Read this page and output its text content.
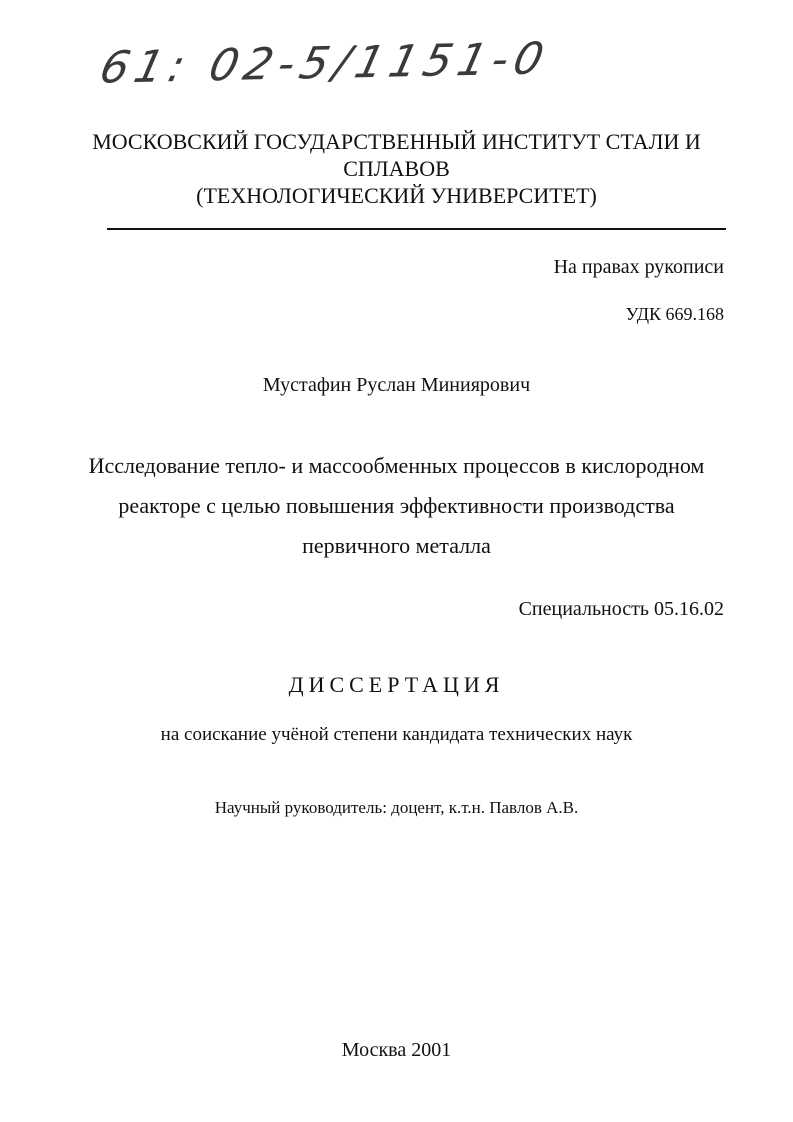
61: 02-5/1151-0
МОСКОВСКИЙ ГОСУДАРСТВЕННЫЙ ИНСТИТУТ СТАЛИ И
СПЛАВОВ
(ТЕХНОЛОГИЧЕСКИЙ УНИВЕРСИТЕТ)
На правах рукописи
УДК 669.168
Мустафин Руслан Миниярович
Исследование тепло- и массообменных процессов в кислородном
реакторе с целью повышения эффективности производства
первичного металла
Специальность 05.16.02
ДИССЕРТАЦИЯ
на соискание учёной степени кандидата технических наук
Научный руководитель: доцент, к.т.н. Павлов А.В.
Москва 2001
